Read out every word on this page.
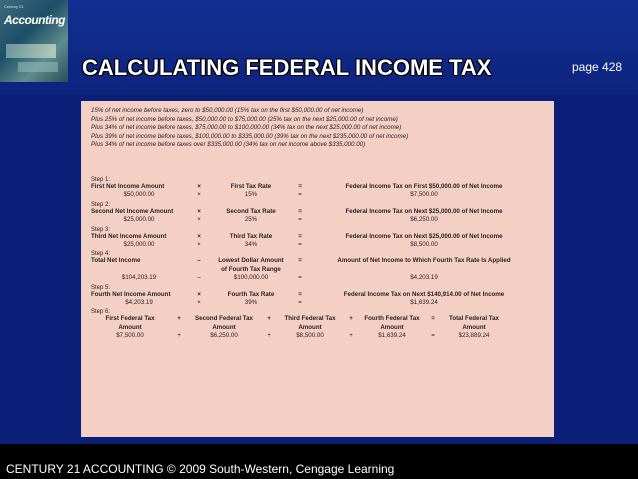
Century 21
Accounting
CALCULATING FEDERAL INCOME TAX	page 428
15% of net income before taxes, zero to $50,000.00 (15% tax on the first $50,000.00 of net income)
Plus 25% of net income before taxes, $50,000.00 to $75,000.00 (25% tax on the next $25,000.00 of net income)
Plus 34% of net income before taxes, $75,000.00 to $100,000.00 (34% tax on the next $25,000.00 of net income)
Plus 39% of net income before taxes, $100,000.00 to $335,000.00 (39% tax on the next $235,000.00 of net income)
Plus 34% of net income before taxes over $335,000.00 (34% tax on net income above $335,000.00)
Step 1:
First Net Income Amount	×	First Tax Rate	=	Federal Income Tax on First $50,000.00 of Net Income
$50,000.00	×	15%	=	$7,500.00
Step 2:
Second Net Income Amount	×	Second Tax Rate	=	Federal Income Tax on Next $25,000.00 of Net Income
$25,000.00	×	25%	=	$6,250.00
Step 3:
Third Net Income Amount	×	Third Tax Rate	=	Federal Income Tax on Next $25,000.00 of Net Income
$25,000.00	×	34%	=	$8,500.00
Step 4:
Total Net Income	–	Lowest Dollar Amount	=	Amount of Net Income to Which Fourth Tax Rate Is Applied
of Fourth Tax Range
$104,203.19	–	$100,000.00	=	$4,203.19
Step 5:
Fourth Net Income Amount	×	Fourth Tax Rate	=	Federal Income Tax on Next $140,914.00 of Net Income
$4,203.19	×	39%	=	$1,639.24
Step 6:
First Federal Tax	+	Second Federal Tax	+	Third Federal Tax	+	Fourth Federal Tax	=	Total Federal Tax
Amount	Amount	Amount	Amount	Amount
$7,500.00	+	$6,250.00	+	$8,500.00	+	$1,639.24	=	$23,889.24
CENTURY 21 ACCOUNTING © 2009 South-Western, Cengage Learning
